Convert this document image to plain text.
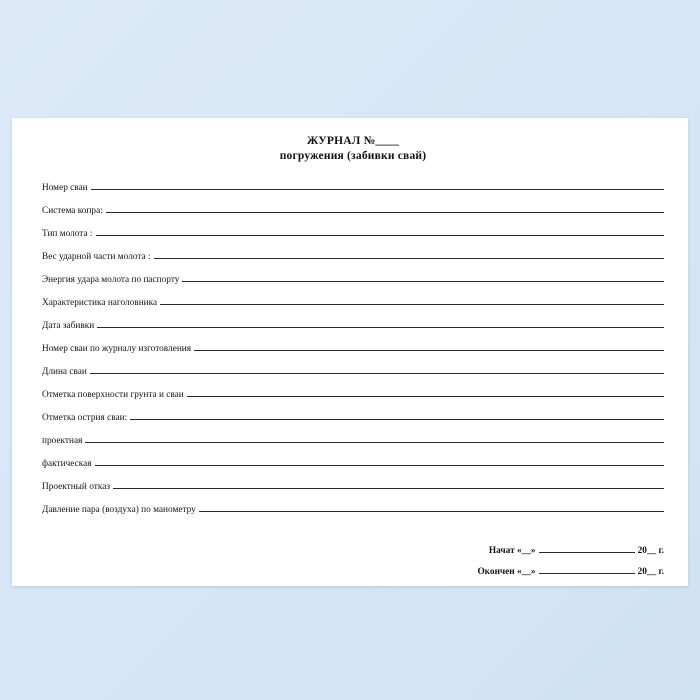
ЖУРНАЛ №____
погружения (забивки свай)
Номер сваи
Система копра:
Тип молота :
Вес ударной части молота :
Энергия удара молота по паспорту
Характеристика наголовника
Дата забивки
Номер сваи по журналу изготовления
Длина сваи
Отметка поверхности грунта и сваи
Отметка острия сваи:
проектная
фактическая
Проектный отказ
Давление пара (воздуха) по манометру
Начат «__»	20__ г.
Окончен «__»	20__ г.
